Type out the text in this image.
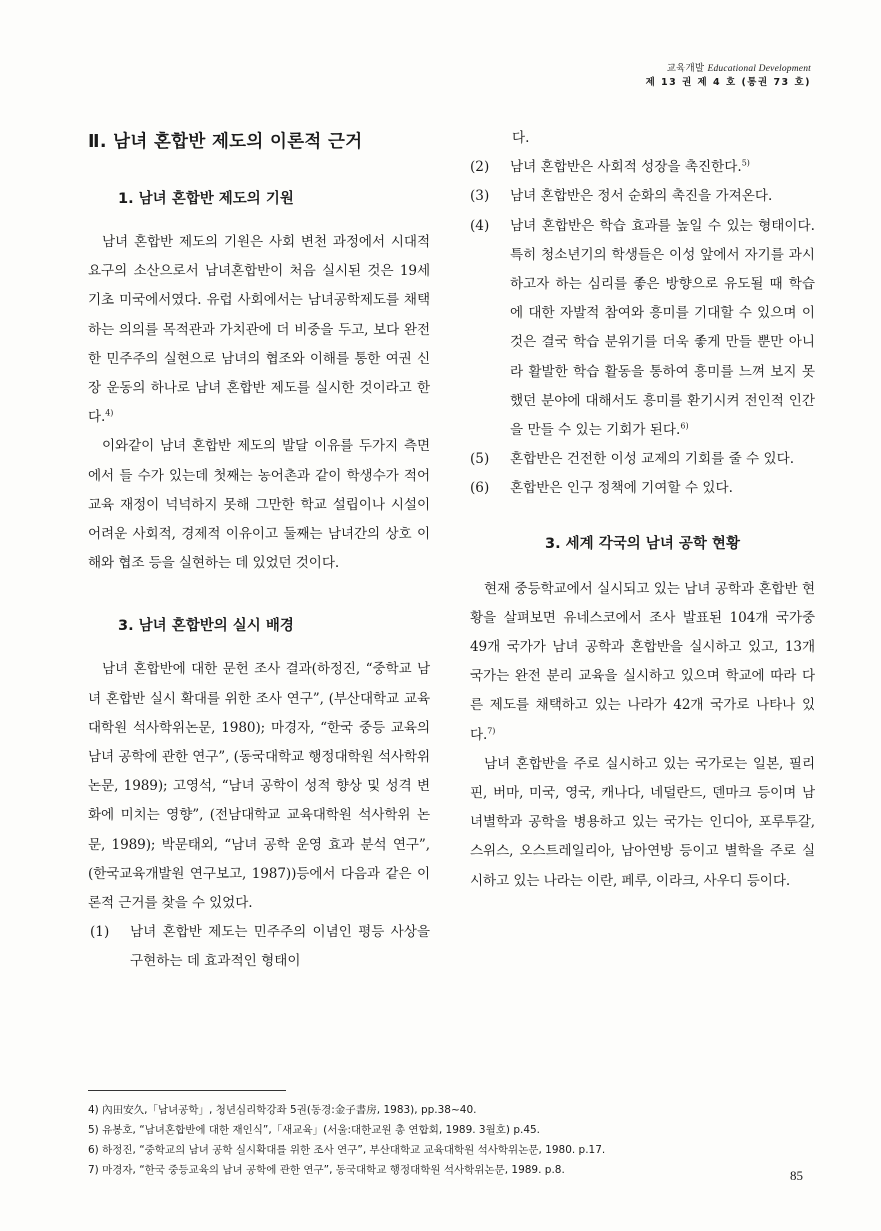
교육개발 Educational Development
제 13 권 제 4 호 (통권 73 호)
Ⅱ. 남녀 혼합반 제도의 이론적 근거
1. 남녀 혼합반 제도의 기원

남녀 혼합반 제도의 기원은 사회 변천 과정에서 시대적 요구의 소산으로서 남녀혼합반이 처음 실시된 것은 19세기초 미국에서였다. 유럽 사회에서는 남녀공학제도를 채택하는 의의를 목적관과 가치관에 더 비중을 두고, 보다 완전한 민주주의 실현으로 남녀의 협조와 이해를 통한 여권 신장 운동의 하나로 남녀 혼합반 제도를 실시한 것이라고 한다.$^{4)}$

이와같이 남녀 혼합반 제도의 발달 이유를 두가지 측면에서 들 수가 있는데 첫째는 농어촌과 같이 학생수가 적어 교육 재정이 넉넉하지 못해 그만한 학교 설립이나 시설이 어려운 사회적, 경제적 이유이고 둘째는 남녀간의 상호 이해와 협조 등을 실현하는 데 있었던 것이다.

3. 남녀 혼합반의 실시 배경

남녀 혼합반에 대한 문헌 조사 결과(하정진, “중학교 남녀 혼합반 실시 확대를 위한 조사 연구”, (부산대학교 교육대학원 석사학위논문, 1980); 마경자, “한국 중등 교육의 남녀 공학에 관한 연구”, (동국대학교 행정대학원 석사학위논문, 1989); 고영석, “남녀 공학이 성적 향상 및 성격 변화에 미치는 영향”, (전남대학교 교육대학원 석사학위 논문, 1989); 박문태외, “남녀 공학 운영 효과 분석 연구”, (한국교육개발원 연구보고, 1987))등에서 다음과 같은 이론적 근거를 찾을 수 있었다.

(1)	남녀 혼합반 제도는 민주주의 이념인 평등 사상을 구현하는 데 효과적인 형태이
다.
(2)	남녀 혼합반은 사회적 성장을 촉진한다.$^{5)}$
(3)	남녀 혼합반은 정서 순화의 촉진을 가져온다.
(4)	남녀 혼합반은 학습 효과를 높일 수 있는 형태이다. 특히 청소년기의 학생들은 이성 앞에서 자기를 과시하고자 하는 심리를 좋은 방향으로 유도될 때 학습에 대한 자발적 참여와 흥미를 기대할 수 있으며 이것은 결국 학습 분위기를 더욱 좋게 만들 뿐만 아니라 활발한 학습 활동을 통하여 흥미를 느껴 보지 못했던 분야에 대해서도 흥미를 환기시켜 전인적 인간을 만들 수 있는 기회가 된다.$^{6)}$
(5)	혼합반은 건전한 이성 교제의 기회를 줄 수 있다.
(6)	혼합반은 인구 정책에 기여할 수 있다.
3. 세계 각국의 남녀 공학 현황

현재 중등학교에서 실시되고 있는 남녀 공학과 혼합반 현황을 살펴보면 유네스코에서 조사 발표된 104개 국가중 49개 국가가 남녀 공학과 혼합반을 실시하고 있고, 13개 국가는 완전 분리 교육을 실시하고 있으며 학교에 따라 다른 제도를 채택하고 있는 나라가 42개 국가로 나타나 있다.$^{7)}$

남녀 혼합반을 주로 실시하고 있는 국가로는 일본, 필리핀, 버마, 미국, 영국, 캐나다, 네덜란드, 덴마크 등이며 남녀별학과 공학을 병용하고 있는 국가는 인디아, 포루투갈, 스위스, 오스트레일리아, 남아연방 등이고 별학을 주로 실시하고 있는 나라는 이란, 페루, 이라크, 사우디 등이다.

4) 內田安久,「남녀공학」, 청년심리학강좌 5권(동경:金子書房, 1983), pp.38~40.
5) 유봉호, “남녀혼합반에 대한 재인식”,「새교육」(서울:대한교원 총 연합회, 1989. 3월호) p.45.
6) 하정진, “중학교의 남녀 공학 실시확대를 위한 조사 연구”, 부산대학교 교육대학원 석사학위논문, 1980. p.17.
7) 마경자, “한국 중등교육의 남녀 공학에 관한 연구”, 동국대학교 행정대학원 석사학위논문, 1989. p.8.	85
